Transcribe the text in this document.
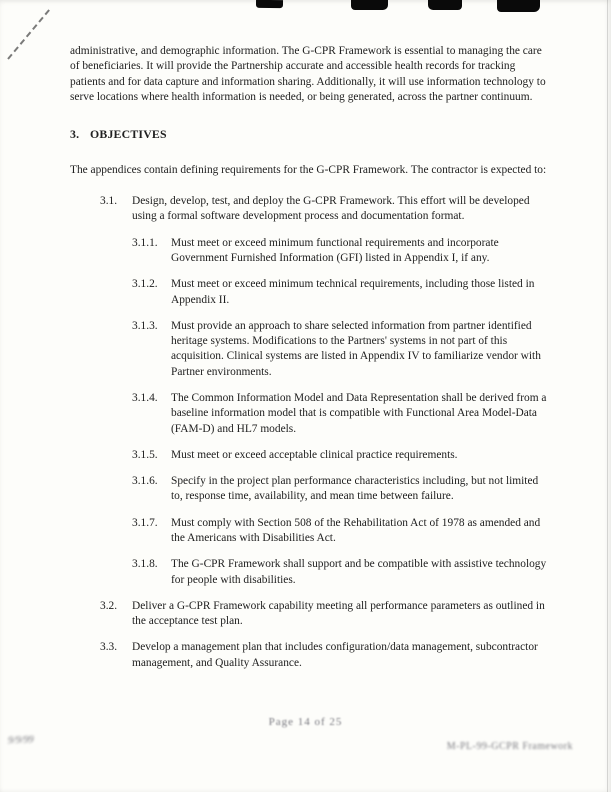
administrative, and demographic information. The G-CPR Framework is essential to managing the care of beneficiaries. It will provide the Partnership accurate and accessible health records for tracking patients and for data capture and information sharing. Additionally, it will use information technology to serve locations where health information is needed, or being generated, across the partner continuum.

3. OBJECTIVES

The appendices contain defining requirements for the G-CPR Framework. The contractor is expected to:

3.1.	Design, develop, test, and deploy the G-CPR Framework. This effort will be developed using a formal software development process and documentation format.
3.1.1.	Must meet or exceed minimum functional requirements and incorporate Government Furnished Information (GFI) listed in Appendix I, if any.
3.1.2.	Must meet or exceed minimum technical requirements, including those listed in Appendix II.
3.1.3.	Must provide an approach to share selected information from partner identified heritage systems. Modifications to the Partners' systems in not part of this acquisition. Clinical systems are listed in Appendix IV to familiarize vendor with Partner environments.
3.1.4.	The Common Information Model and Data Representation shall be derived from a baseline information model that is compatible with Functional Area Model-Data (FAM-D) and HL7 models.
3.1.5.	Must meet or exceed acceptable clinical practice requirements.
3.1.6.	Specify in the project plan performance characteristics including, but not limited to, response time, availability, and mean time between failure.
3.1.7.	Must comply with Section 508 of the Rehabilitation Act of 1978 as amended and the Americans with Disabilities Act.
3.1.8.	The G-CPR Framework shall support and be compatible with assistive technology for people with disabilities.
3.2.	Deliver a G-CPR Framework capability meeting all performance parameters as outlined in the acceptance test plan.
3.3.	Develop a management plan that includes configuration/data management, subcontractor management, and Quality Assurance.
Page 14 of 25
9/9/99
M-PL-99-GCPR Framework
